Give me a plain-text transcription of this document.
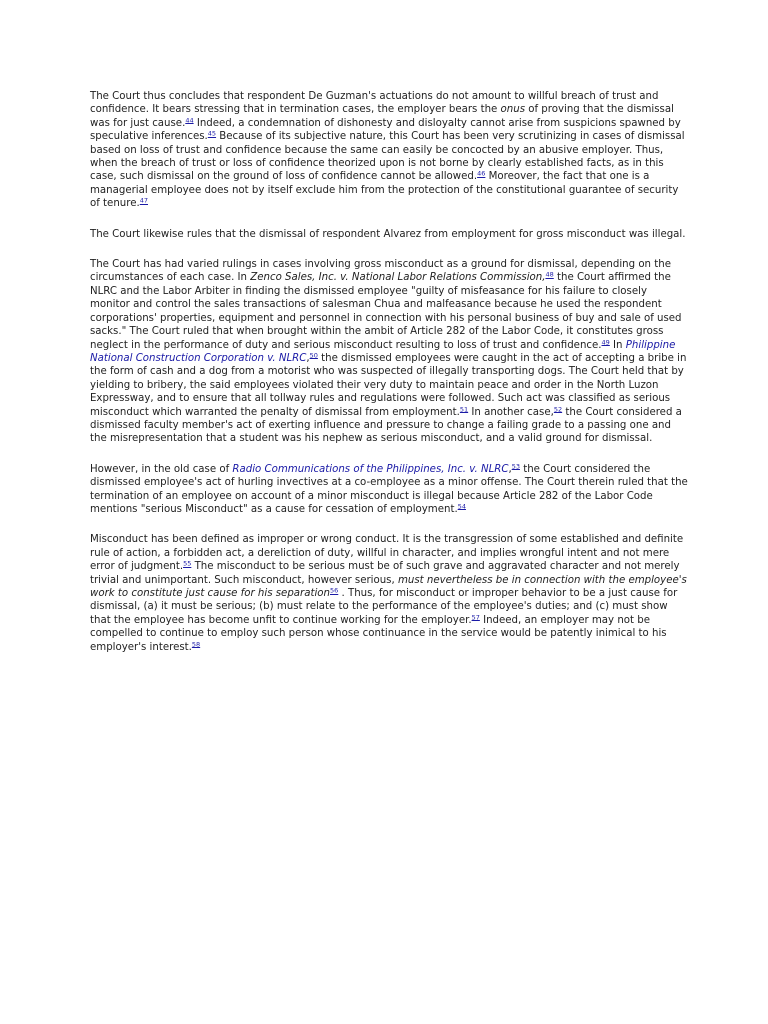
The Court thus concludes that respondent De Guzman's actuations do not amount to willful breach of trust and confidence. It bears stressing that in termination cases, the employer bears the onus of proving that the dismissal was for just cause.$^{44}$ Indeed, a condemnation of dishonesty and disloyalty cannot arise from suspicions spawned by speculative inferences.$^{45}$ Because of its subjective nature, this Court has been very scrutinizing in cases of dismissal based on loss of trust and confidence because the same can easily be concocted by an abusive employer. Thus, when the breach of trust or loss of confidence theorized upon is not borne by clearly established facts, as in this case, such dismissal on the ground of loss of confidence cannot be allowed.$^{46}$ Moreover, the fact that one is a managerial employee does not by itself exclude him from the protection of the constitutional guarantee of security of tenure.$^{47}$

The Court likewise rules that the dismissal of respondent Alvarez from employment for gross misconduct was illegal.

The Court has had varied rulings in cases involving gross misconduct as a ground for dismissal, depending on the circumstances of each case. In Zenco Sales, Inc. v. National Labor Relations Commission,$^{48}$ the Court affirmed the NLRC and the Labor Arbiter in finding the dismissed employee "guilty of misfeasance for his failure to closely monitor and control the sales transactions of salesman Chua and malfeasance because he used the respondent corporations' properties, equipment and personnel in connection with his personal business of buy and sale of used sacks." The Court ruled that when brought within the ambit of Article 282 of the Labor Code, it constitutes gross neglect in the performance of duty and serious misconduct resulting to loss of trust and confidence.$^{49}$ In Philippine National Construction Corporation v. NLRC,$^{50}$ the dismissed employees were caught in the act of accepting a bribe in the form of cash and a dog from a motorist who was suspected of illegally transporting dogs. The Court held that by yielding to bribery, the said employees violated their very duty to maintain peace and order in the North Luzon Expressway, and to ensure that all tollway rules and regulations were followed. Such act was classified as serious misconduct which warranted the penalty of dismissal from employment.$^{51}$ In another case,$^{52}$ the Court considered a dismissed faculty member's act of exerting influence and pressure to change a failing grade to a passing one and the misrepresentation that a student was his nephew as serious misconduct, and a valid ground for dismissal.

However, in the old case of Radio Communications of the Philippines, Inc. v. NLRC,$^{53}$ the Court considered the dismissed employee's act of hurling invectives at a co-employee as a minor offense. The Court therein ruled that the termination of an employee on account of a minor misconduct is illegal because Article 282 of the Labor Code mentions "serious Misconduct" as a cause for cessation of employment.$^{54}$

Misconduct has been defined as improper or wrong conduct. It is the transgression of some established and definite rule of action, a forbidden act, a dereliction of duty, willful in character, and implies wrongful intent and not mere error of judgment.$^{55}$ The misconduct to be serious must be of such grave and aggravated character and not merely trivial and unimportant. Such misconduct, however serious, must nevertheless be in connection with the employee's work to constitute just cause for his separation$^{56}$ . Thus, for misconduct or improper behavior to be a just cause for dismissal, (a) it must be serious; (b) must relate to the performance of the employee's duties; and (c) must show that the employee has become unfit to continue working for the employer.$^{57}$ Indeed, an employer may not be compelled to continue to employ such person whose continuance in the service would be patently inimical to his employer's interest.$^{58}$
